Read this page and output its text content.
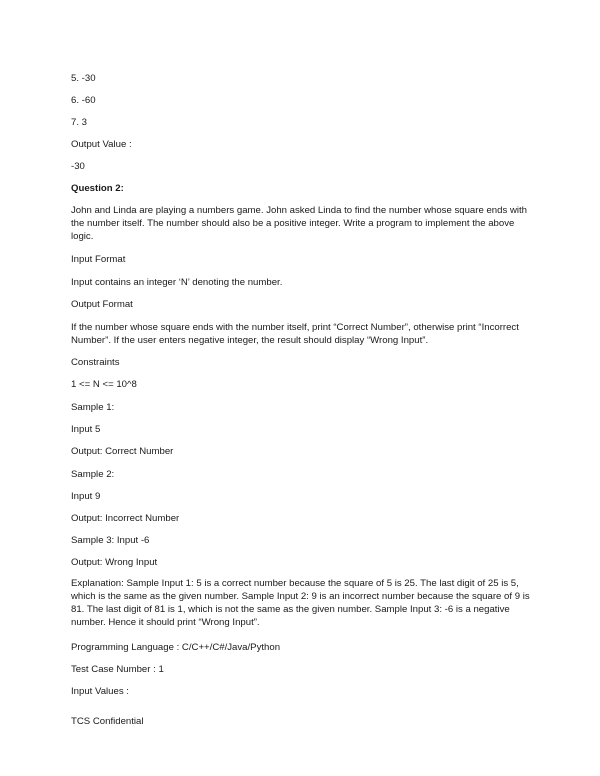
5. -30

6. -60

7. 3

Output Value :

-30

Question 2:

John and Linda are playing a numbers game. John asked Linda to find the number whose square ends with the number itself. The number should also be a positive integer. Write a program to implement the above logic.

Input Format

Input contains an integer ‘N’ denoting the number.

Output Format

If the number whose square ends with the number itself, print “Correct Number”, otherwise print “Incorrect Number”. If the user enters negative integer, the result should display “Wrong Input”.

Constraints

1 <= N <= 10^8

Sample 1:

Input 5

Output: Correct Number

Sample 2:

Input 9

Output: Incorrect Number

Sample 3: Input -6

Output: Wrong Input

Explanation: Sample Input 1: 5 is a correct number because the square of 5 is 25. The last digit of 25 is 5, which is the same as the given number. Sample Input 2: 9 is an incorrect number because the square of 9 is 81. The last digit of 81 is 1, which is not the same as the given number. Sample Input 3: -6 is a negative number. Hence it should print “Wrong Input”.

Programming Language : C/C++/C#/Java/Python

Test Case Number : 1

Input Values :

TCS Confidential
